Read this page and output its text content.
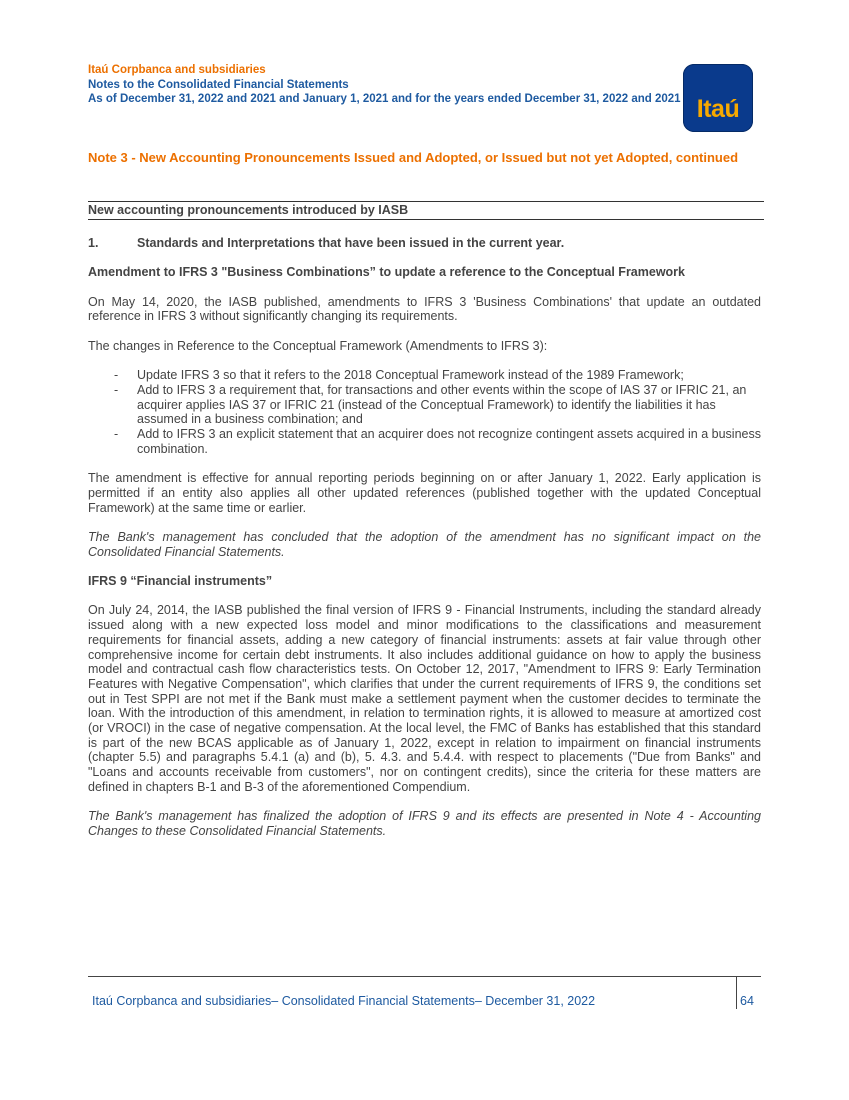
Itaú Corpbanca and subsidiaries
Notes to the Consolidated Financial Statements
As of December 31, 2022 and 2021 and January 1, 2021 and for the years ended December 31, 2022 and 2021 Itaú
Note 3 - New Accounting Pronouncements Issued and Adopted, or Issued but not yet Adopted, continued
New accounting pronouncements introduced by IASB

1.	Standards and Interpretations that have been issued in the current year.

Amendment to IFRS 3 "Business Combinations” to update a reference to the Conceptual Framework

On May 14, 2020, the IASB published, amendments to IFRS 3 'Business Combinations' that update an outdated reference in IFRS 3 without significantly changing its requirements.

The changes in Reference to the Conceptual Framework (Amendments to IFRS 3):

- Update IFRS 3 so that it refers to the 2018 Conceptual Framework instead of the 1989 Framework;
- Add to IFRS 3 a requirement that, for transactions and other events within the scope of IAS 37 or IFRIC 21, an acquirer applies IAS 37 or IFRIC 21 (instead of the Conceptual Framework) to identify the liabilities it has assumed in a business combination; and
- Add to IFRS 3 an explicit statement that an acquirer does not recognize contingent assets acquired in a business combination.

The amendment is effective for annual reporting periods beginning on or after January 1, 2022. Early application is permitted if an entity also applies all other updated references (published together with the updated Conceptual Framework) at the same time or earlier.

The Bank's management has concluded that the adoption of the amendment has no significant impact on the Consolidated Financial Statements.

IFRS 9 “Financial instruments”

On July 24, 2014, the IASB published the final version of IFRS 9 - Financial Instruments, including the standard already issued along with a new expected loss model and minor modifications to the classifications and measurement requirements for financial assets, adding a new category of financial instruments: assets at fair value through other comprehensive income for certain debt instruments. It also includes additional guidance on how to apply the business model and contractual cash flow characteristics tests. On October 12, 2017, "Amendment to IFRS 9: Early Termination Features with Negative Compensation", which clarifies that under the current requirements of IFRS 9, the conditions set out in Test SPPI are not met if the Bank must make a settlement payment when the customer decides to terminate the loan. With the introduction of this amendment, in relation to termination rights, it is allowed to measure at amortized cost (or VROCI) in the case of negative compensation. At the local level, the FMC of Banks has established that this standard is part of the new BCAS applicable as of January 1, 2022, except in relation to impairment on financial instruments (chapter 5.5) and paragraphs 5.4.1 (a) and (b), 5. 4.3. and 5.4.4. with respect to placements ("Due from Banks" and "Loans and accounts receivable from customers", nor on contingent credits), since the criteria for these matters are defined in chapters B-1 and B-3 of the aforementioned Compendium.

The Bank's management has finalized the adoption of IFRS 9 and its effects are presented in Note 4 - Accounting Changes to these Consolidated Financial Statements.

Itaú Corpbanca and subsidiaries– Consolidated Financial Statements– December 31, 2022	64
